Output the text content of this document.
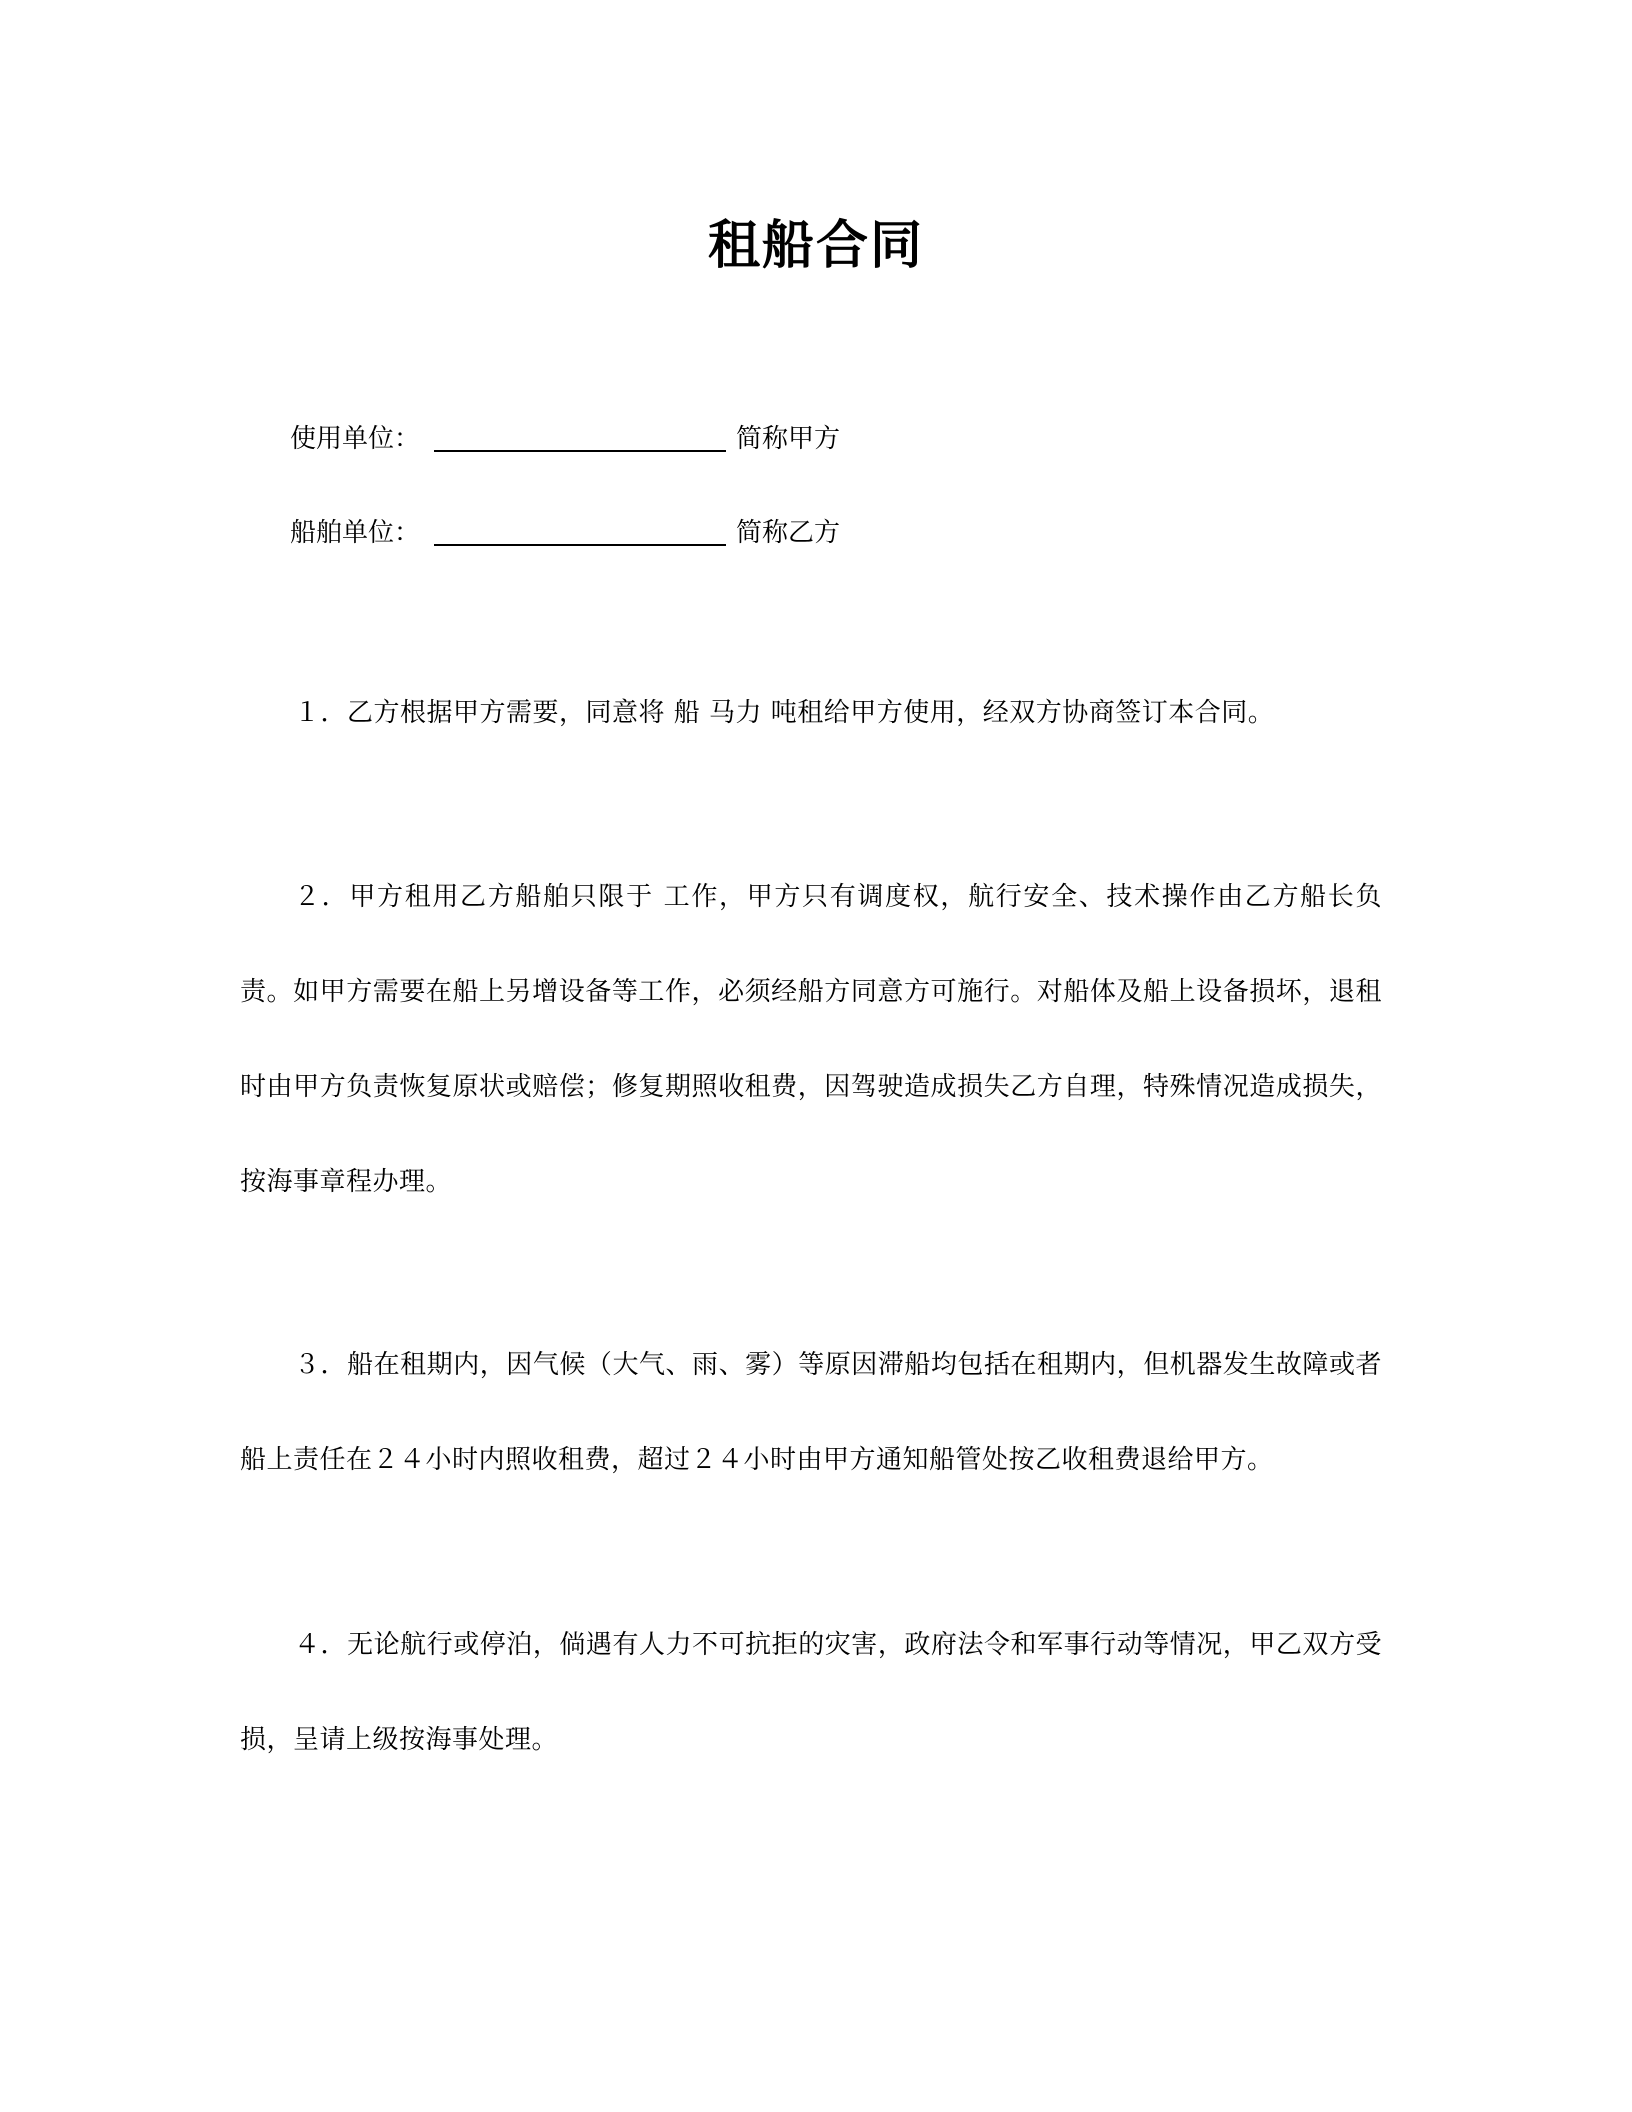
租船合同
使用单位：	简称甲方
船舶单位：	简称乙方

１．乙方根据甲方需要，同意将 船 马力 吨租给甲方使用，经双方协商签订本合同。

２．甲方租用乙方船舶只限于 工作，甲方只有调度权，航行安全、技术操作由乙方船长负责。如甲方需要在船上另增设备等工作，必须经船方同意方可施行。对船体及船上设备损坏，退租时由甲方负责恢复原状或赔偿；修复期照收租费，因驾驶造成损失乙方自理，特殊情况造成损失，按海事章程办理。

３．船在租期内，因气候（大气、雨、雾）等原因滞船均包括在租期内，但机器发生故障或者船上责任在２４小时内照收租费，超过２４小时由甲方通知船管处按乙收租费退给甲方。

４．无论航行或停泊，倘遇有人力不可抗拒的灾害，政府法令和军事行动等情况，甲乙双方受损，呈请上级按海事处理。
